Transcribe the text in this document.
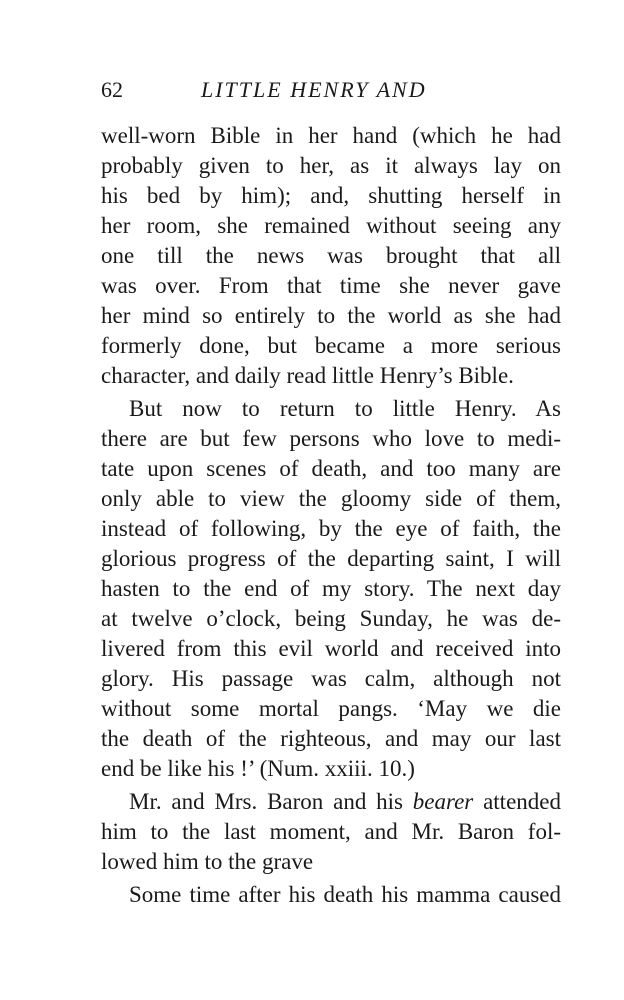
62	LITTLE HENRY AND
well-worn Bible in her hand (which he had
probably given to her, as it always lay on
his bed by him); and, shutting herself in
her room, she remained without seeing any
one till the news was brought that all
was over. From that time she never gave
her mind so entirely to the world as she had
formerly done, but became a more serious
character, and daily read little Henry’s Bible.
But now to return to little Henry. As
there are but few persons who love to medi-
tate upon scenes of death, and too many are
only able to view the gloomy side of them,
instead of following, by the eye of faith, the
glorious progress of the departing saint, I will
hasten to the end of my story. The next day
at twelve o’clock, being Sunday, he was de-
livered from this evil world and received into
glory. His passage was calm, although not
without some mortal pangs. ‘May we die
the death of the righteous, and may our last
end be like his !’ (Num. xxiii. 10.)
Mr. and Mrs. Baron and his bearer attended
him to the last moment, and Mr. Baron fol-
lowed him to the grave
Some time after his death his mamma caused
